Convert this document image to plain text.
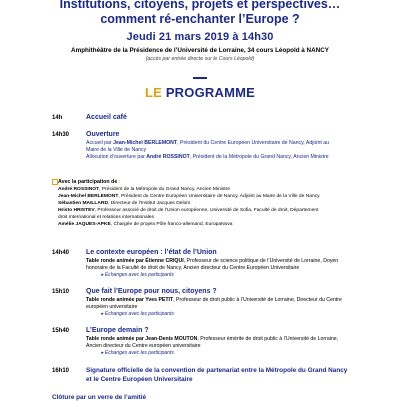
Institutions, citoyens, projets et perspectives…
comment ré-enchanter l’Europe ?
Jeudi 21 mars 2019 à 14h30
Amphithéâtre de la Présidence de l’Université de Lorraine, 34 cours Léopold à NANCY
(accès par entrée directe sur le Cours Léopold)
LE PROGRAMME
14h	Accueil café
14h30 Ouverture
Accueil par Jean-Michel BERLEMONT, Président du Centre Européen Universitaire de Nancy, Adjoint au
Maire de la Ville de Nancy
Allocution d’ouverture par André ROSSINOT, Président de la Métropole du Grand Nancy, Ancien Ministre
Avec la participation de :
André ROSSINOT, Président de la Métropole du Grand Nancy, Ancien Ministre
Jean-Michel BERLEMONT, Président du Centre Européen Universitaire de Nancy, Adjoint au Maire de la Ville de Nancy
Sébastien MAILLARD, Directeur de l’Institut Jacques Delors
Hristo HRISTEV, Professeur associé de droit de l’Union européenne, Université de Sofia, Faculté de droit, Département
droit international et relations internationales
Amélie JAQUES-APKE, Chargée de projets Pôle franco-allemand, EuropaNova
14h40 Le contexte européen : l’état de l’Union
Table ronde animée par Étienne CRIQUI, Professeur de science politique de l’Université de Lorraine, Doyen
honoraire de la Faculté de droit de Nancy, Ancien directeur du Centre Européen Universitaire
▸ Échanges avec les participants
15h10 Que fait l’Europe pour nous, citoyens ?
Table ronde animée par Yves PETIT, Professeur de droit public à l’Université de Lorraine, Directeur du Centre
européen universitaire
▸ Échanges avec les participants
15h40 L’Europe demain ?
Table ronde animée par Jean-Denis MOUTON, Professeur émérite de droit public à l’Université de Lorraine,
Ancien directeur du Centre européen universitaire
▸ Échanges avec les participants
16h10	Signature officielle de la convention de partenariat entre la Métropole du Grand Nancy
et le Centre Européen Universitaire
Clôture par un verre de l’amitié
